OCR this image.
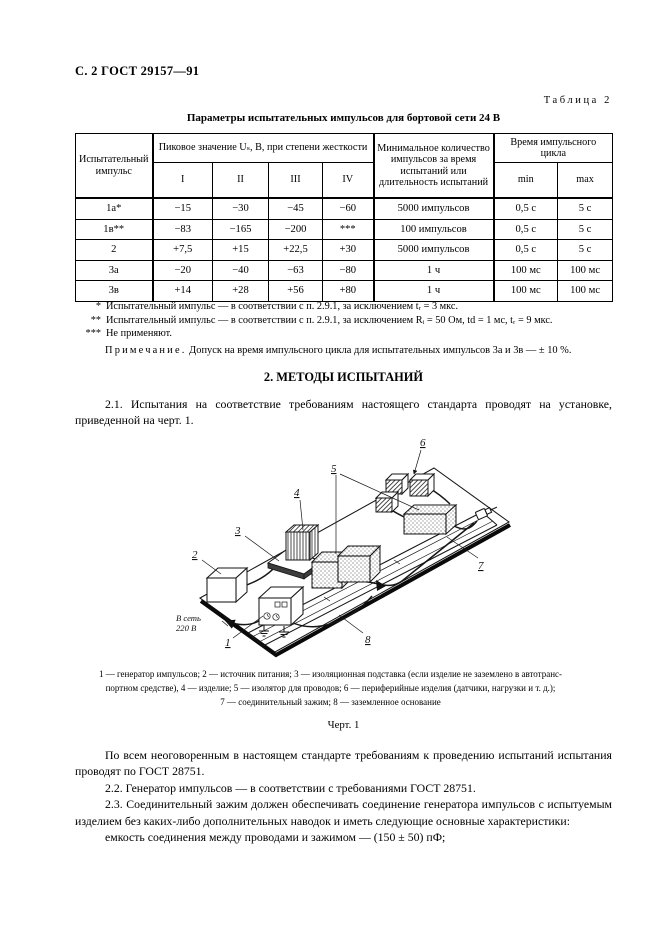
С. 2 ГОСТ 29157—91
Таблица 2
Параметры испытательных импульсов для бортовой сети 24 В
Испытательный импульс	Пиковое значение Uₛ, В, при степени жесткости				Минимальное количество импульсов за время испытаний или длительность испытаний	Время импульсного цикла	
	I	II	III	IV		min	max
1а*	−15	−30	−45	−60	5000 импульсов	0,5 с	5 с
1в**	−83	−165	−200	***	100 импульсов	0,5 с	5 с
2	+7,5	+15	+22,5	+30	5000 импульсов	0,5 с	5 с
3а	−20	−40	−63	−80	1 ч	100 мс	100 мс
3в	+14	+28	+56	+80	1 ч	100 мс	100 мс
* Испытательный импульс — в соответствии с п. 2.9.1, за исключением tᵣ = 3 мкс.
** Испытательный импульс — в соответствии с п. 2.9.1, за исключением Rᵢ = 50 Ом, td = 1 мс, tᵣ = 9 мкс.
*** Не применяют.
Примечание. Допуск на время импульсного цикла для испытательных импульсов 3а и 3в — ± 10 %.
2. МЕТОДЫ ИСПЫТАНИЙ
2.1. Испытания на соответствие требованиям настоящего стандарта проводят на установке, приведенной на черт. 1.
В сеть
220 В
1
2
3
4
5
6
7
8
1 — генератор импульсов; 2 — источник питания; 3 — изоляционная подставка (если изделие не заземлено в автотранс-
портном средстве), 4 — изделие; 5 — изолятор для проводов; 6 — периферийные изделия (датчики, нагрузки и т. д.);
7 — соединительный зажим; 8 — заземленное основание
Черт. 1

По всем неоговоренным в настоящем стандарте требованиям к проведению испытаний испытания проводят по ГОСТ 28751.

2.2. Генератор импульсов — в соответствии с требованиями ГОСТ 28751.

2.3. Соединительный зажим должен обеспечивать соединение генератора импульсов с испытуемым изделием без каких-либо дополнительных наводок и иметь следующие основные характеристики:

емкость соединения между проводами и зажимом — (150 ± 50) пФ;
